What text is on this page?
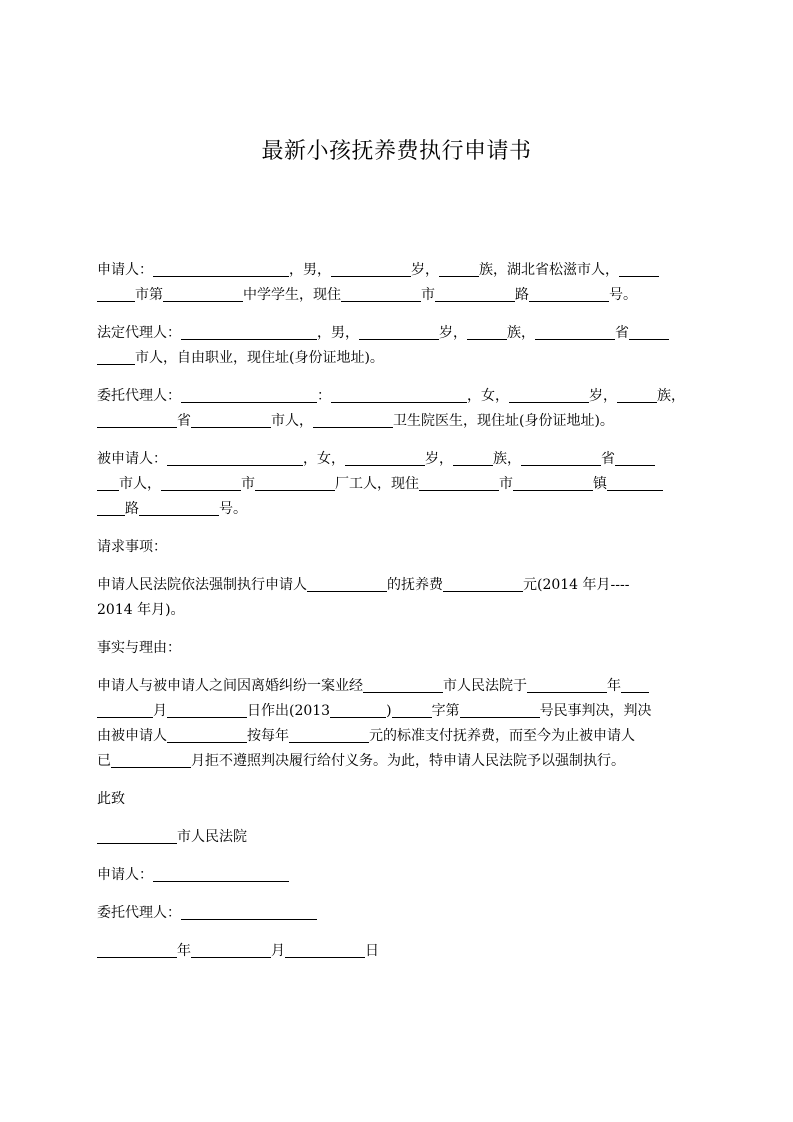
最新小孩抚养费执行申请书
申请人：	，男，	岁，	族，湖北省松滋市人，
市第	中学学生，现住	市	路	号。
法定代理人：	，男，	岁，	族，	省
市人，自由职业，现住址(身份证地址)。
委托代理人：	：	，女，	岁，	族，
省	市人，	卫生院医生，现住址(身份证地址)。
被申请人：	，女，	岁，	族，	省
市人，	市	厂工人，现住	市	镇
路	号。
请求事项：
申请人民法院依法强制执行申请人	的抚养费	元(2014 年月----
2014 年月)。
事实与理由：
申请人与被申请人之间因离婚纠纷一案业经	市人民法院于	年
月	日作出(2013	)	字第	号民事判决，判决
由被申请人	按每年	元的标准支付抚养费，而至今为止被申请人
已	月拒不遵照判决履行给付义务。为此，特申请人民法院予以强制执行。
此致
市人民法院
申请人：
委托代理人：
年	月	日
